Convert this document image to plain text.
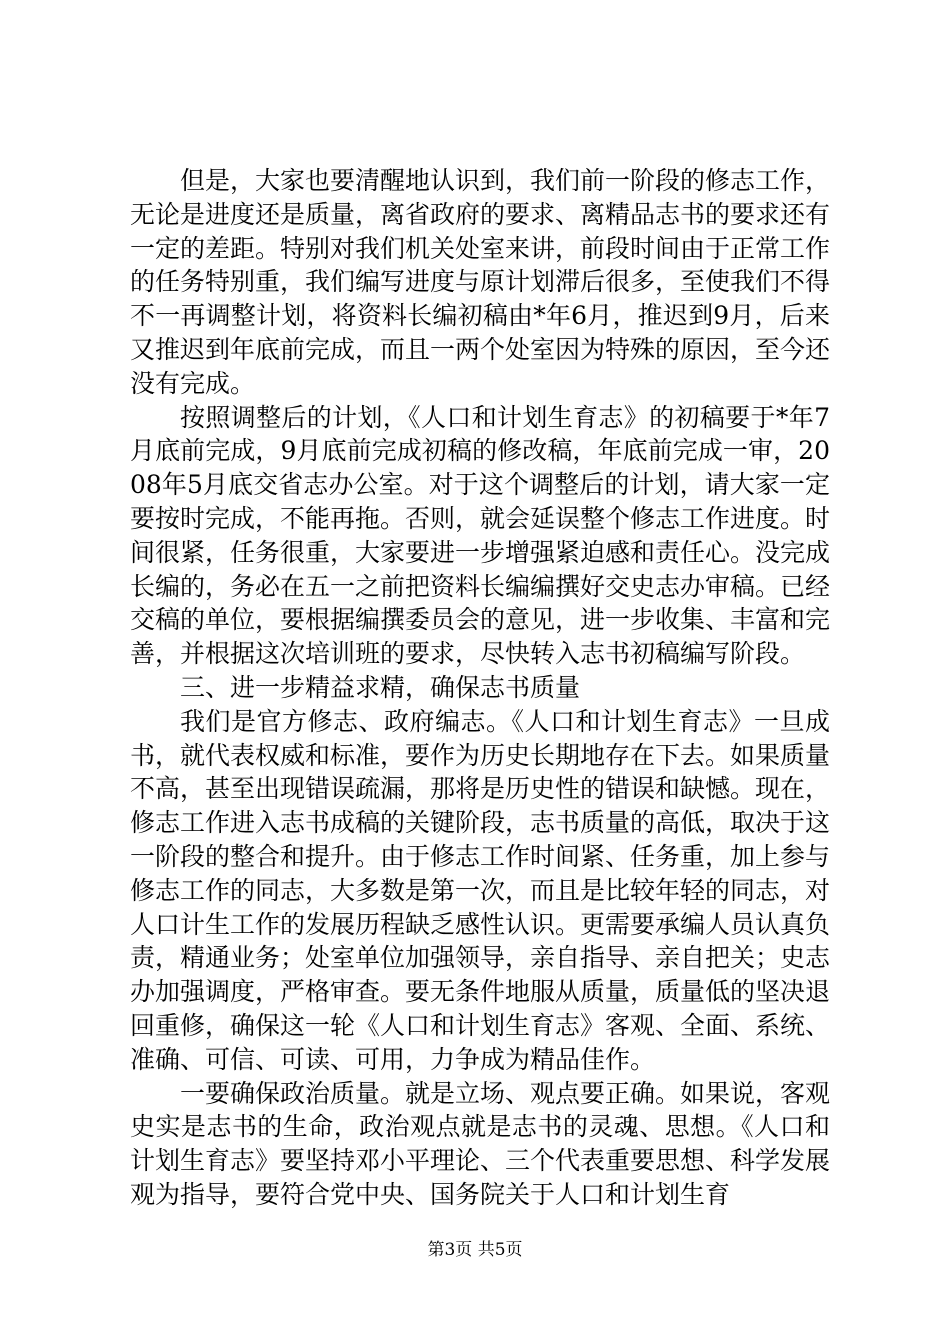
但是，大家也要清醒地认识到，我们前一阶段的修志工作，无论是进度还是质量，离省政府的要求、离精品志书的要求还有一定的差距。特别对我们机关处室来讲，前段时间由于正常工作的任务特别重，我们编写进度与原计划滞后很多，至使我们不得不一再调整计划，将资料长编初稿由*年6月，推迟到9月，后来又推迟到年底前完成，而且一两个处室因为特殊的原因，至今还没有完成。

按照调整后的计划，《人口和计划生育志》的初稿要于*年7月底前完成，9月底前完成初稿的修改稿，年底前完成一审，2008年5月底交省志办公室。对于这个调整后的计划，请大家一定要按时完成，不能再拖。否则，就会延误整个修志工作进度。时间很紧，任务很重，大家要进一步增强紧迫感和责任心。没完成长编的，务必在五一之前把资料长编编撰好交史志办审稿。已经交稿的单位，要根据编撰委员会的意见，进一步收集、丰富和完善，并根据这次培训班的要求，尽快转入志书初稿编写阶段。

三、进一步精益求精，确保志书质量

我们是官方修志、政府编志。《人口和计划生育志》一旦成书，就代表权威和标准，要作为历史长期地存在下去。如果质量不高，甚至出现错误疏漏，那将是历史性的错误和缺憾。现在，修志工作进入志书成稿的关键阶段，志书质量的高低，取决于这一阶段的整合和提升。由于修志工作时间紧、任务重，加上参与修志工作的同志，大多数是第一次，而且是比较年轻的同志，对人口计生工作的发展历程缺乏感性认识。更需要承编人员认真负责，精通业务；处室单位加强领导，亲自指导、亲自把关；史志办加强调度，严格审查。要无条件地服从质量，质量低的坚决退回重修，确保这一轮《人口和计划生育志》客观、全面、系统、准确、可信、可读、可用，力争成为精品佳作。

一要确保政治质量。就是立场、观点要正确。如果说，客观史实是志书的生命，政治观点就是志书的灵魂、思想。《人口和计划生育志》要坚持邓小平理论、三个代表重要思想、科学发展观为指导，要符合党中央、国务院关于人口和计划生育

第3页 共5页
